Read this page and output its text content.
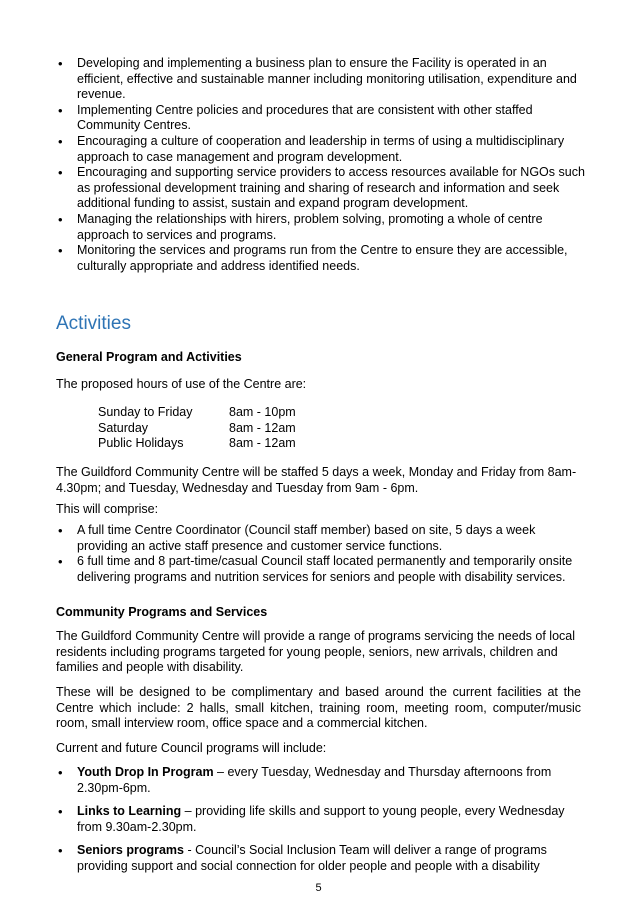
• Developing and implementing a business plan to ensure the Facility is operated in an efficient, effective and sustainable manner including monitoring utilisation, expenditure and revenue.
• Implementing Centre policies and procedures that are consistent with other staffed Community Centres.
• Encouraging a culture of cooperation and leadership in terms of using a multidisciplinary approach to case management and program development.
• Encouraging and supporting service providers to access resources available for NGOs such as professional development training and sharing of research and information and seek additional funding to assist, sustain and expand program development.
• Managing the relationships with hirers, problem solving, promoting a whole of centre approach to services and programs.
• Monitoring the services and programs run from the Centre to ensure they are accessible, culturally appropriate and address identified needs.
Activities

General Program and Activities

The proposed hours of use of the Centre are:

Sunday to Friday	8am - 10pm
Saturday	8am - 12am
Public Holidays	8am - 12am

The Guildford Community Centre will be staffed 5 days a week, Monday and Friday from 8am-4.30pm; and Tuesday, Wednesday and Tuesday from 9am - 6pm.

This will comprise:

• A full time Centre Coordinator (Council staff member) based on site, 5 days a week providing an active staff presence and customer service functions.
• 6 full time and 8 part-time/casual Council staff located permanently and temporarily onsite delivering programs and nutrition services for seniors and people with disability services.

Community Programs and Services

The Guildford Community Centre will provide a range of programs servicing the needs of local residents including programs targeted for young people, seniors, new arrivals, children and families and people with disability.

These will be designed to be complimentary and based around the current facilities at the Centre which include: 2 halls, small kitchen, training room, meeting room, computer/music room, small interview room, office space and a commercial kitchen.

Current and future Council programs will include:

• Youth Drop In Program – every Tuesday, Wednesday and Thursday afternoons from 2.30pm-6pm.
• Links to Learning – providing life skills and support to young people, every Wednesday from 9.30am-2.30pm.
• Seniors programs - Council’s Social Inclusion Team will deliver a range of programs providing support and social connection for older people and people with a disability
5
